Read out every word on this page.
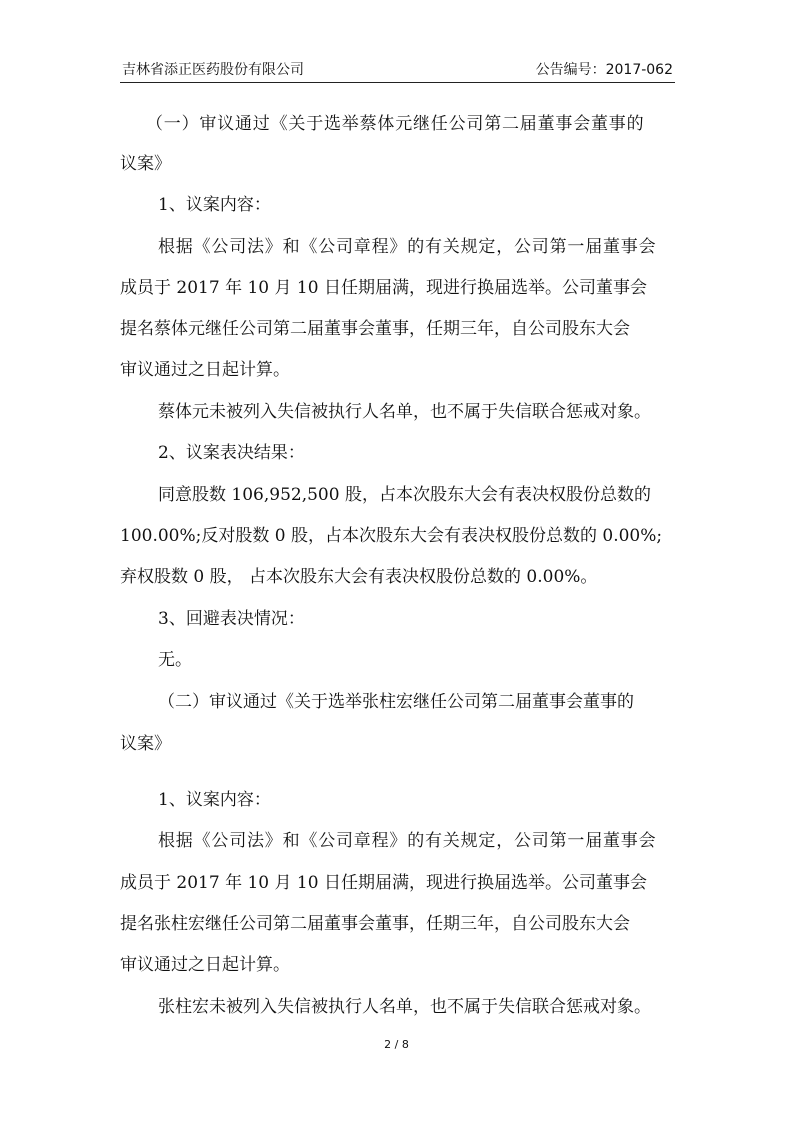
吉林省添正医药股份有限公司	公告编号：2017-062
（一）审议通过《关于选举蔡体元继任公司第二届董事会董事的
议案》
1、议案内容：
根据《公司法》和《公司章程》的有关规定，公司第一届董事会
成员于 2017 年 10 月 10 日任期届满，现进行换届选举。公司董事会
提名蔡体元继任公司第二届董事会董事，任期三年，自公司股东大会
审议通过之日起计算。
蔡体元未被列入失信被执行人名单，也不属于失信联合惩戒对象。
2、议案表决结果：
同意股数 106,952,500 股，占本次股东大会有表决权股份总数的
100.00%;反对股数 0 股，占本次股东大会有表决权股份总数的 0.00%;
弃权股数 0 股， 占本次股东大会有表决权股份总数的 0.00%。
3、回避表决情况：
无。
（二）审议通过《关于选举张柱宏继任公司第二届董事会董事的
议案》
1、议案内容：
根据《公司法》和《公司章程》的有关规定，公司第一届董事会
成员于 2017 年 10 月 10 日任期届满，现进行换届选举。公司董事会
提名张柱宏继任公司第二届董事会董事，任期三年，自公司股东大会
审议通过之日起计算。
张柱宏未被列入失信被执行人名单，也不属于失信联合惩戒对象。
2 / 8
